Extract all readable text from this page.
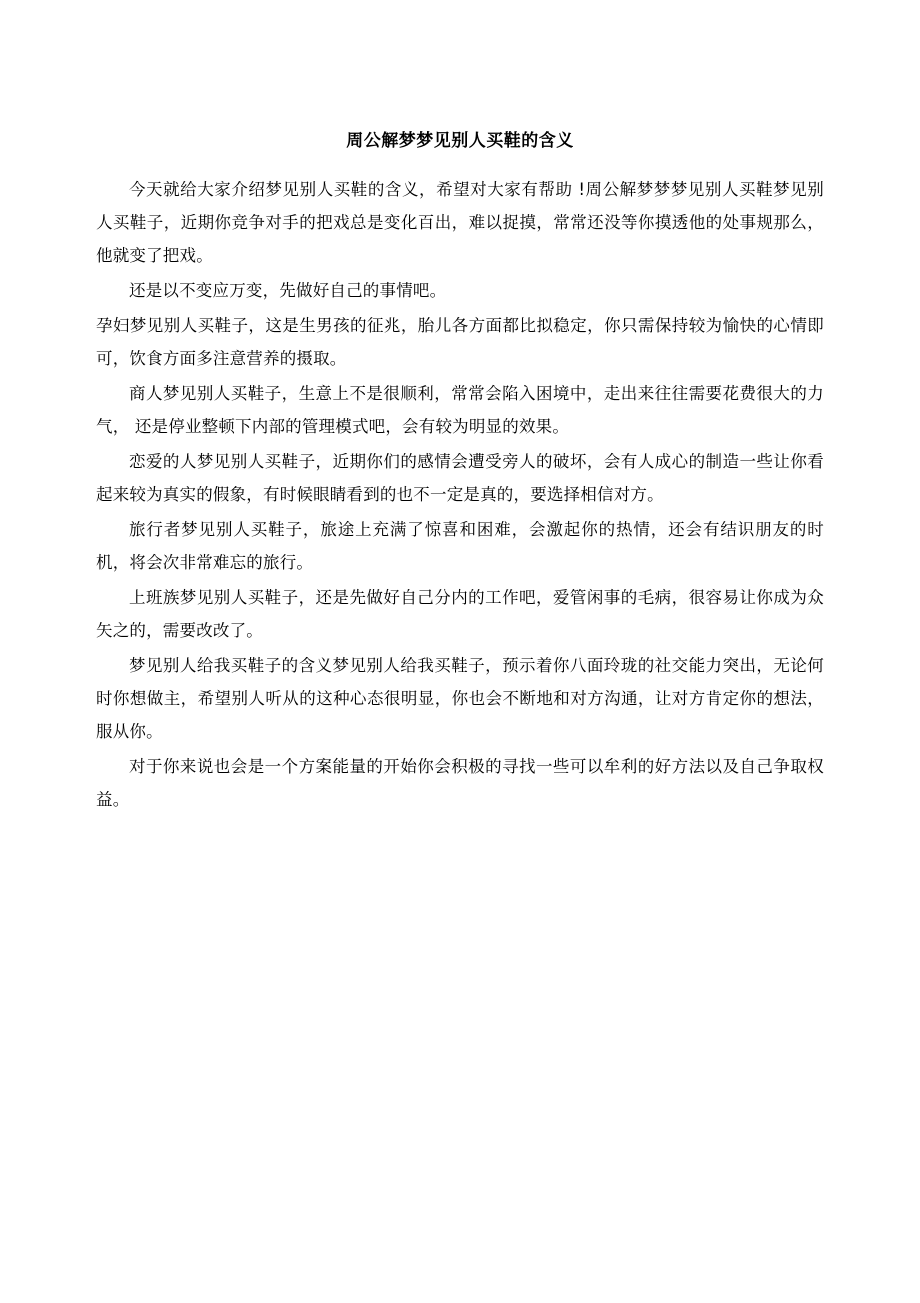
周公解梦梦见别人买鞋的含义

今天就给大家介绍梦见别人买鞋的含义，希望对大家有帮助 !周公解梦梦梦见别人买鞋梦见别人买鞋子，近期你竞争对手的把戏总是变化百出，难以捉摸，常常还没等你摸透他的处事规那么，他就变了把戏。

还是以不变应万变，先做好自己的事情吧。

孕妇梦见别人买鞋子，这是生男孩的征兆，胎儿各方面都比拟稳定，你只需保持较为愉快的心情即可，饮食方面多注意营养的摄取。

商人梦见别人买鞋子，生意上不是很顺利，常常会陷入困境中，走出来往往需要花费很大的力气， 还是停业整顿下内部的管理模式吧，会有较为明显的效果。

恋爱的人梦见别人买鞋子，近期你们的感情会遭受旁人的破坏，会有人成心的制造一些让你看起来较为真实的假象，有时候眼睛看到的也不一定是真的，要选择相信对方。

旅行者梦见别人买鞋子，旅途上充满了惊喜和困难，会激起你的热情，还会有结识朋友的时机，将会次非常难忘的旅行。

上班族梦见别人买鞋子，还是先做好自己分内的工作吧，爱管闲事的毛病，很容易让你成为众矢之的，需要改改了。

梦见别人给我买鞋子的含义梦见别人给我买鞋子，预示着你八面玲珑的社交能力突出，无论何时你想做主，希望别人听从的这种心态很明显，你也会不断地和对方沟通，让对方肯定你的想法，服从你。

对于你来说也会是一个方案能量的开始你会积极的寻找一些可以牟利的好方法以及自己争取权益。
